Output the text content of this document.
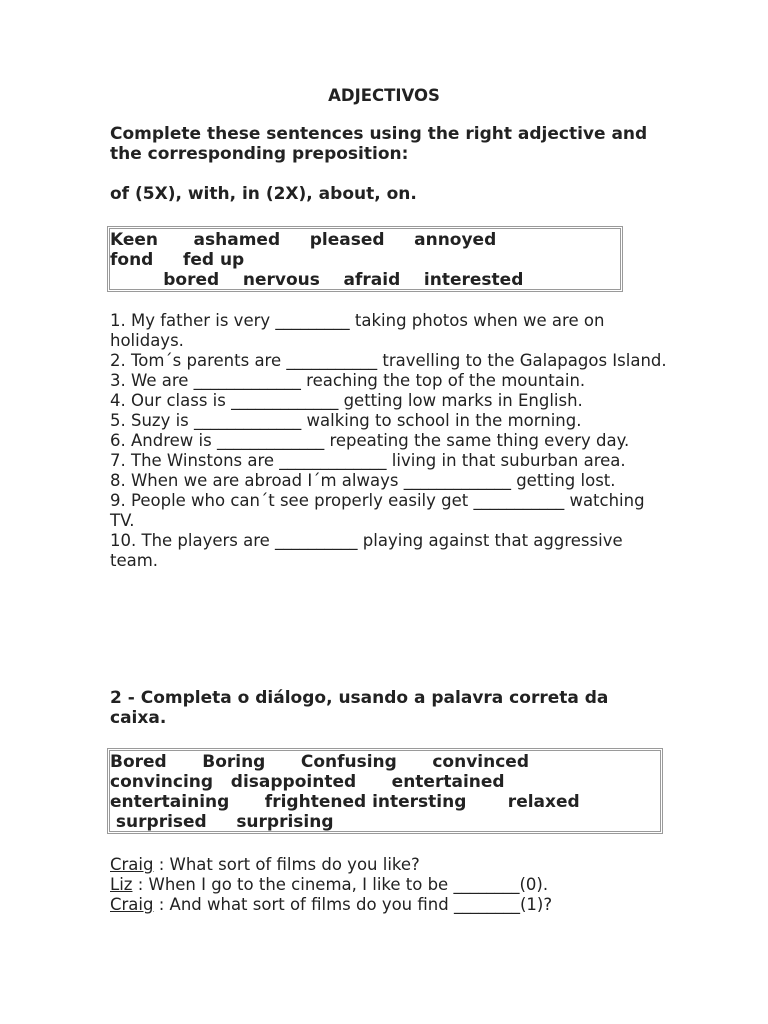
ADJECTIVOS
Complete these sentences using the right adjective and the corresponding preposition:
of (5X), with, in (2X), about, on.
Keen      ashamed     pleased     annoyed
fond     fed up
bored    nervous    afraid    interested
1. My father is very _________ taking photos when we are on holidays.
2. Tom´s parents are ___________ travelling to the Galapagos Island.
3. We are _____________ reaching the top of the mountain.
4. Our class is _____________ getting low marks in English.
5. Suzy is _____________ walking to school in the morning.
6. Andrew is _____________ repeating the same thing every day.
7. The Winstons are _____________ living in that suburban area.
8. When we are abroad I´m always _____________ getting lost.
9. People who can´t see properly easily get ___________ watching TV.
10. The players are __________ playing against that aggressive team.
2 - Completa o diálogo, usando a palavra correta da caixa.
Bored      Boring      Confusing      convinced
convincing   disappointed      entertained
entertaining      frightened intersting       relaxed
surprised     surprising
Craig : What sort of films do you like?
Liz : When I go to the cinema, I like to be ________(0).
Craig : And what sort of films do you find ________(1)?
